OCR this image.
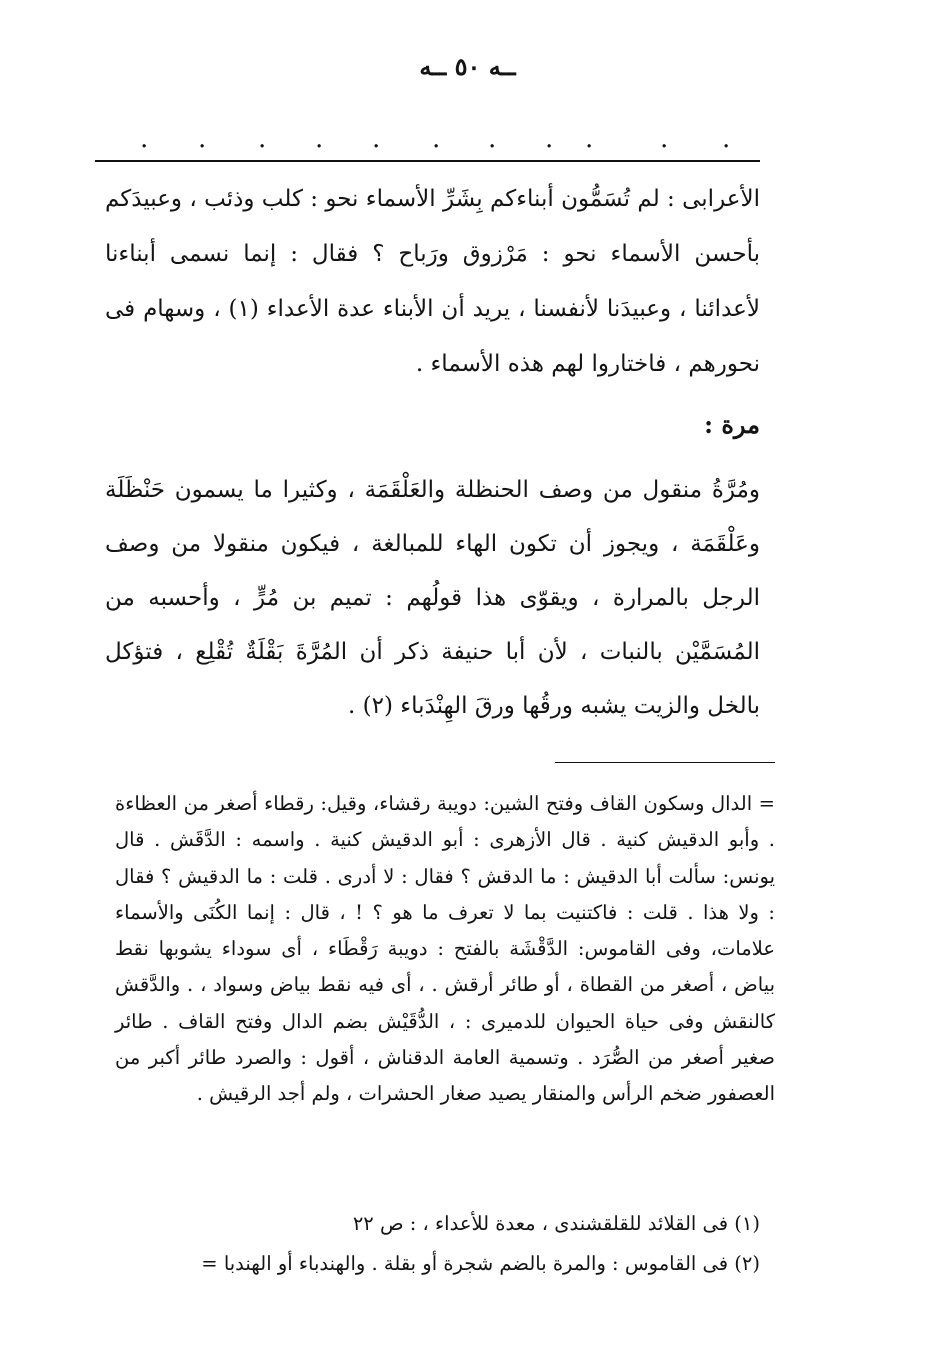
ــه ٥٠ ــه
. . . . . . . . .	. .

الأعرابى : لم تُسَمُّون أبناءكم بِشَرِّ الأسماء نحو : كلب وذئب ، وعبيدَكم بأحسن الأسماء نحو : مَرْزوق ورَباح ؟ فقال : إنما نسمى أبناءنا لأعدائنا ، وعبيدَنا لأنفسنا ، يريد أن الأبناء عدة الأعداء (١) ، وسهام فى نحورهم ، فاختاروا لهم هذه الأسماء .

مرة :

ومُرَّةُ منقول من وصف الحنظلة والعَلْقَمَة ، وكثيرا ما يسمون حَنْظَلَة وعَلْقَمَة ، ويجوز أن تكون الهاء للمبالغة ، فيكون منقولا من وصف الرجل بالمرارة ، ويقوّى هذا قولُهم : تميم بن مُرٍّ ، وأحسبه من المُسَمَّيْن بالنبات ، لأن أبا حنيفة ذكر أن المُرَّةَ بَقْلَةٌ تُقْلِع ، فتؤكل بالخل والزيت يشبه ورقُها ورقَ الهِنْدَباء (٢) .

= الدال وسكون القاف وفتح الشين: دويبة رقشاء، وقيل: رقطاء أصغر من العظاءة . وأبو الدقيش كنية . قال الأزهرى : أبو الدقيش كنية . واسمه : الدَّقَش . قال يونس: سألت أبا الدقيش : ما الدقش ؟ فقال : لا أدرى . قلت : ما الدقيش ؟ فقال : ولا هذا . قلت : فاكتنيت بما لا تعرف ما هو ؟ ! ، قال : إنما الكُنَى والأسماء علامات، وفى القاموس: الدَّقْشَة بالفتح : دويبة رَقْطَاء ، أى سوداء يشوبها نقط بياض ، أصغر من القطاة ، أو طائر أرقش . ، أى فيه نقط بياض وسواد ، . والدَّقش كالنقش وفى حياة الحيوان للدميرى : ، الدُّقَيْش بضم الدال وفتح القاف . طائر صغير أصغر من الصُّرَد . وتسمية العامة الدقناش ، أقول : والصرد طائر أكبر من العصفور ضخم الرأس والمنقار يصيد صغار الحشرات ، ولم أجد الرقيش .

(١) فى القلائد للقلقشندى ، معدة للأعداء ، : ص ٢٢
(٢) فى القاموس : والمرة بالضم شجرة أو بقلة . والهندباء أو الهندبا =
